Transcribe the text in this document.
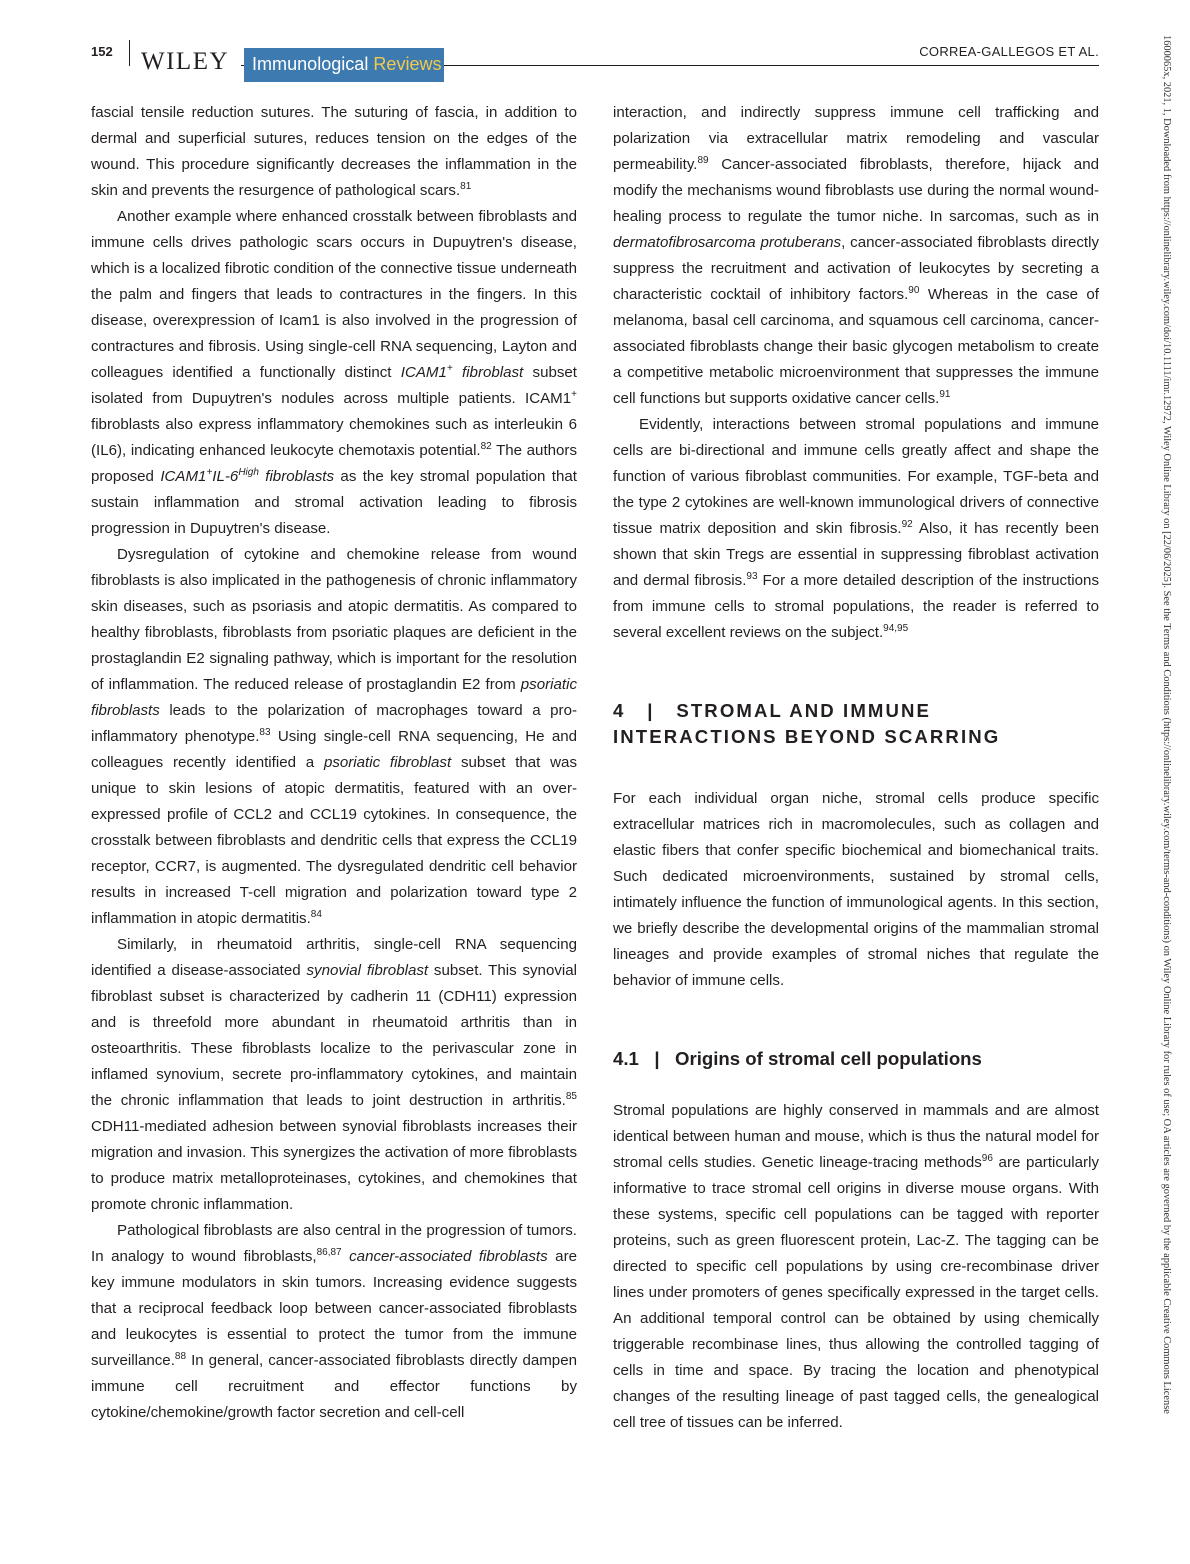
152 WILEY	Immunological Reviews
CORREA-GALLEGOS ET AL.	1600065x, 2021, 1, Downloaded from https://onlinelibrary.wiley.com/doi/10.1111/imr.12972, Wiley Online Library on [22/06/2025]. See the Terms and Conditions (https://onlinelibrary.wiley.com/terms-and-conditions) on Wiley Online Library for rules of use; OA articles are governed by the applicable Creative Commons License

fascial tensile reduction sutures. The suturing of fascia, in addition to dermal and superficial sutures, reduces tension on the edges of the wound. This procedure significantly decreases the inflammation in the skin and prevents the resurgence of pathological scars.$^{81}$

Another example where enhanced crosstalk between fibroblasts and immune cells drives pathologic scars occurs in Dupuytren's disease, which is a localized fibrotic condition of the connective tissue underneath the palm and fingers that leads to contractures in the fingers. In this disease, overexpression of Icam1 is also involved in the progression of contractures and fibrosis. Using single-cell RNA sequencing, Layton and colleagues identified a functionally distinct ICAM1+ fibroblast subset isolated from Dupuytren's nodules across multiple patients. ICAM1+ fibroblasts also express inflammatory chemokines such as interleukin 6 (IL6), indicating enhanced leukocyte chemotaxis potential.$^{82}$ The authors proposed $ICAM1^+IL-6^{High}$ fibroblasts as the key stromal population that sustain inflammation and stromal activation leading to fibrosis progression in Dupuytren's disease.

Dysregulation of cytokine and chemokine release from wound fibroblasts is also implicated in the pathogenesis of chronic inflammatory skin diseases, such as psoriasis and atopic dermatitis. As compared to healthy fibroblasts, fibroblasts from psoriatic plaques are deficient in the prostaglandin E2 signaling pathway, which is important for the resolution of inflammation. The reduced release of prostaglandin E2 from psoriatic fibroblasts leads to the polarization of macrophages toward a pro-inflammatory phenotype.$^{83}$ Using single-cell RNA sequencing, He and colleagues recently identified a psoriatic fibroblast subset that was unique to skin lesions of atopic dermatitis, featured with an over-expressed profile of CCL2 and CCL19 cytokines. In consequence, the crosstalk between fibroblasts and dendritic cells that express the CCL19 receptor, CCR7, is augmented. The dysregulated dendritic cell behavior results in increased T-cell migration and polarization toward type 2 inflammation in atopic dermatitis.$^{84}$

Similarly, in rheumatoid arthritis, single-cell RNA sequencing identified a disease-associated synovial fibroblast subset. This synovial fibroblast subset is characterized by cadherin 11 (CDH11) expression and is threefold more abundant in rheumatoid arthritis than in osteoarthritis. These fibroblasts localize to the perivascular zone in inflamed synovium, secrete pro-inflammatory cytokines, and maintain the chronic inflammation that leads to joint destruction in arthritis.$^{85}$ CDH11-mediated adhesion between synovial fibroblasts increases their migration and invasion. This synergizes the activation of more fibroblasts to produce matrix metalloproteinases, cytokines, and chemokines that promote chronic inflammation.

Pathological fibroblasts are also central in the progression of tumors. In analogy to wound fibroblasts,$^{86,87}$ cancer-associated fibroblasts are key immune modulators in skin tumors. Increasing evidence suggests that a reciprocal feedback loop between cancer-associated fibroblasts and leukocytes is essential to protect the tumor from the immune surveillance.$^{88}$ In general, cancer-associated fibroblasts directly dampen immune cell recruitment and effector functions by cytokine/chemokine/growth factor secretion and cell-cell

interaction, and indirectly suppress immune cell trafficking and polarization via extracellular matrix remodeling and vascular permeability.$^{89}$ Cancer-associated fibroblasts, therefore, hijack and modify the mechanisms wound fibroblasts use during the normal wound-healing process to regulate the tumor niche. In sarcomas, such as in dermatofibrosarcoma protuberans, cancer-associated fibroblasts directly suppress the recruitment and activation of leukocytes by secreting a characteristic cocktail of inhibitory factors.$^{90}$ Whereas in the case of melanoma, basal cell carcinoma, and squamous cell carcinoma, cancer-associated fibroblasts change their basic glycogen metabolism to create a competitive metabolic microenvironment that suppresses the immune cell functions but supports oxidative cancer cells.$^{91}$

Evidently, interactions between stromal populations and immune cells are bi-directional and immune cells greatly affect and shape the function of various fibroblast communities. For example, TGF-beta and the type 2 cytokines are well-known immunological drivers of connective tissue matrix deposition and skin fibrosis.$^{92}$ Also, it has recently been shown that skin Tregs are essential in suppressing fibroblast activation and dermal fibrosis.$^{93}$ For a more detailed description of the instructions from immune cells to stromal populations, the reader is referred to several excellent reviews on the subject.$^{94,95}$

4   |   STROMAL AND IMMUNE
INTERACTIONS BEYOND SCARRING

For each individual organ niche, stromal cells produce specific extracellular matrices rich in macromolecules, such as collagen and elastic fibers that confer specific biochemical and biomechanical traits. Such dedicated microenvironments, sustained by stromal cells, intimately influence the function of immunological agents. In this section, we briefly describe the developmental origins of the mammalian stromal lineages and provide examples of stromal niches that regulate the behavior of immune cells.

4.1   |   Origins of stromal cell populations

Stromal populations are highly conserved in mammals and are almost identical between human and mouse, which is thus the natural model for stromal cells studies. Genetic lineage-tracing methods$^{96}$ are particularly informative to trace stromal cell origins in diverse mouse organs. With these systems, specific cell populations can be tagged with reporter proteins, such as green fluorescent protein, Lac-Z. The tagging can be directed to specific cell populations by using cre-recombinase driver lines under promoters of genes specifically expressed in the target cells. An additional temporal control can be obtained by using chemically triggerable recombinase lines, thus allowing the controlled tagging of cells in time and space. By tracing the location and phenotypical changes of the resulting lineage of past tagged cells, the genealogical cell tree of tissues can be inferred.
